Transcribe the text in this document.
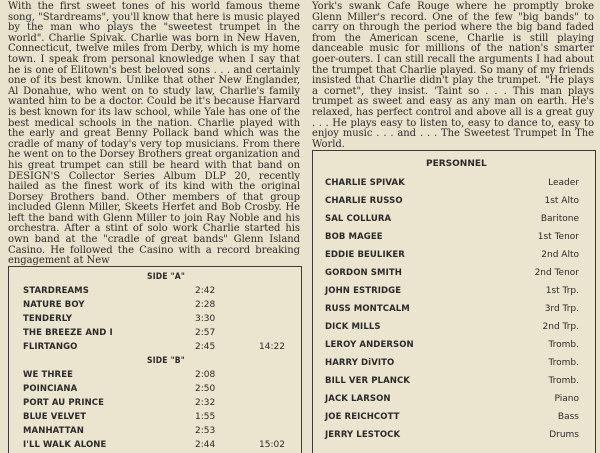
With the first sweet tones of his world famous theme song, "Stardreams", you'll know that here is music played by the man who plays the "sweetest trumpet in the world". Charlie Spivak. Charlie was born in New Haven, Connecticut, twelve miles from Derby, which is my home town. I speak from personal knowledge when I say that he is one of Elitown's best beloved sons . . . and certainly one of its best known. Unlike that other New Englander, Al Donahue, who went on to study law, Charlie's family wanted him to be a doctor. Could be it's because Harvard is best known for its law school, while Yale has one of the best medical schools in the nation. Charlie played with the early and great Benny Pollack band which was the cradle of many of today's very top musicians. From there he went on to the Dorsey Brothers great organization and his great trumpet can still be heard with that band on DESIGN'S Collector Series Album DLP 20, recently hailed as the finest work of its kind with the original Dorsey Brothers band. Other members of that group included Glenn Miller, Skeets Herfet and Bob Crosby. He left the band with Glenn Miller to join Ray Noble and his orchestra. After a stint of solo work Charlie started his own band at the "cradle of great bands" Glenn Island Casino. He followed the Casino with a record breaking engagement at New

York's swank Cafe Rouge where he promptly broke Glenn Miller's record. One of the few "big bands" to carry on through the period where the big band faded from the American scene, Charlie is still playing danceable music for millions of the nation's smarter goer-outers. I can still recall the arguments I had about the trumpet that Charlie played. So many of my friends insisted that Charlie didn't play the trumpet. "He plays a cornet", they insist. 'Taint so . . . This man plays trumpet as sweet and easy as any man on earth. He's relaxed, has perfect control and above all is a great guy . . . He plays easy to listen to, easy to dance to, easy to enjoy music . . . and . . . The Sweetest Trumpet In The World.

SIDE "A"
STARDREAMS	2:42
NATURE BOY	2:28
TENDERLY	3:30
THE BREEZE AND I	2:57
FLIRTANGO	2:45	14:22
SIDE "B"
WE THREE	2:08
POINCIANA	2:50
PORT AU PRINCE	2:32
BLUE VELVET	1:55
MANHATTAN	2:53
I'LL WALK ALONE	2:44	15:02
PERSONNEL
CHARLIE SPIVAK	Leader
CHARLIE RUSSO	1st Alto
SAL COLLURA	Baritone
BOB MAGEE	1st Tenor
EDDIE BEULIKER	2nd Alto
GORDON SMITH	2nd Tenor
JOHN ESTRIDGE	1st Trp.
RUSS MONTCALM	3rd Trp.
DICK MILLS	2nd Trp.
LEROY ANDERSON	Tromb.
HARRY DiVITO	Tromb.
BILL VER PLANCK	Tromb.
JACK LARSON	Piano
JOE REICHCOTT	Bass
JERRY LESTOCK	Drums
